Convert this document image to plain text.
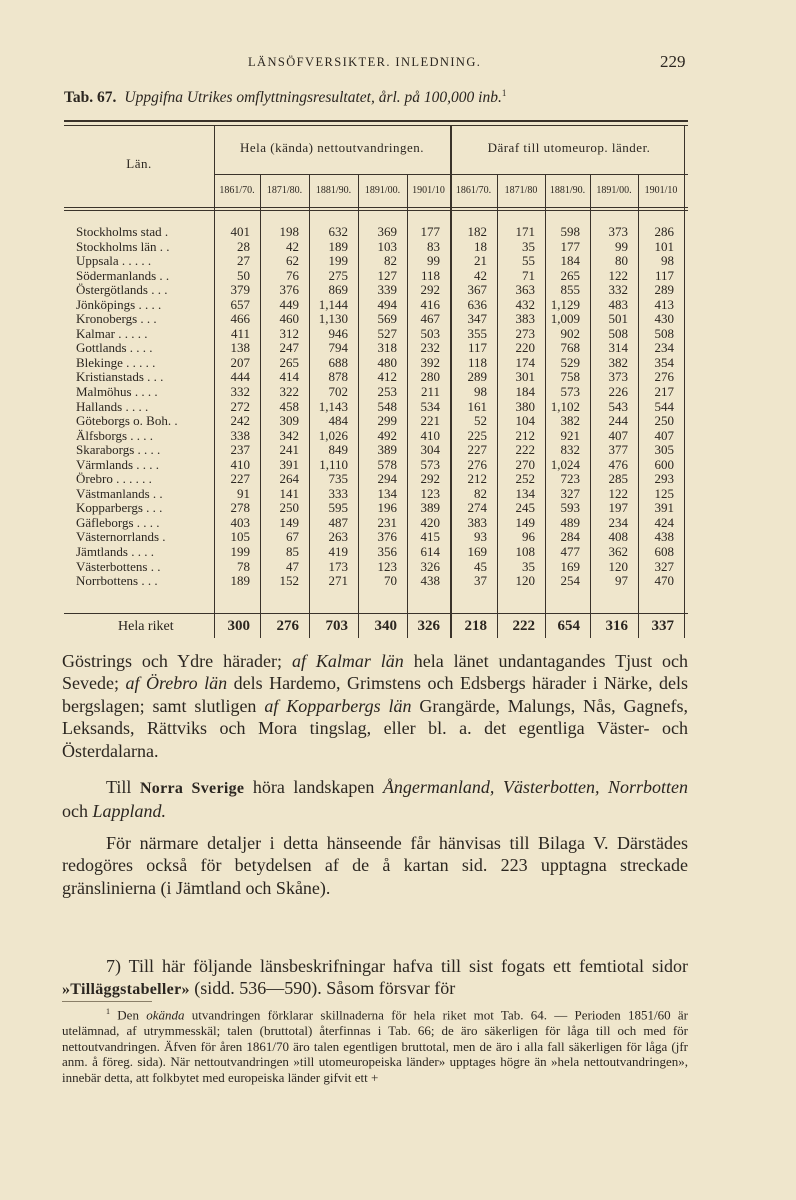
LÄNSÖFVERSIKTER. INLEDNING.	229
Tab. 67. Uppgifna Utrikes omflyttningsresultatet, årl. på 100,000 inb.$^1$
Län.
Hela (kända) nettoutvandringen.	Däraf till utomeurop. länder.
1861/70.	1871/80.	1881/90.	1891/00.	1901/10	1861/70.	1871/80	1881/90.	1891/00.	1901/10
Stockholms stad .	401	198	632	369	177	182	171	598	373	286
Stockholms län . .	28	42	189	103	83	18	35	177	99	101
Uppsala . . . . .	27	62	199	82	99	21	55	184	80	98
Södermanlands . .	50	76	275	127	118	42	71	265	122	117
Östergötlands . . .	379	376	869	339	292	367	363	855	332	289
Jönköpings . . . .	657	449	1,144	494	416	636	432	1,129	483	413
Kronobergs . . .	466	460	1,130	569	467	347	383	1,009	501	430
Kalmar . . . . .	411	312	946	527	503	355	273	902	508	508
Gottlands . . . .	138	247	794	318	232	117	220	768	314	234
Blekinge . . . . .	207	265	688	480	392	118	174	529	382	354
Kristianstads . . .	444	414	878	412	280	289	301	758	373	276
Malmöhus . . . .	332	322	702	253	211	98	184	573	226	217
Hallands . . . .	272	458	1,143	548	534	161	380	1,102	543	544
Göteborgs o. Boh. .	242	309	484	299	221	52	104	382	244	250
Älfsborgs . . . .	338	342	1,026	492	410	225	212	921	407	407
Skaraborgs . . . .	237	241	849	389	304	227	222	832	377	305
Värmlands . . . .	410	391	1,110	578	573	276	270	1,024	476	600
Örebro . . . . . .	227	264	735	294	292	212	252	723	285	293
Västmanlands . .	91	141	333	134	123	82	134	327	122	125
Kopparbergs . . .	278	250	595	196	389	274	245	593	197	391
Gäfleborgs . . . .	403	149	487	231	420	383	149	489	234	424
Västernorrlands .	105	67	263	376	415	93	96	284	408	438
Jämtlands . . . .	199	85	419	356	614	169	108	477	362	608
Västerbottens . .	78	47	173	123	326	45	35	169	120	327
Norrbottens . . .	189	152	271	70	438	37	120	254	97	470
Hela riket	300	276	703	340	326	218	222	654	316	337

Göstrings och Ydre härader; af Kalmar län hela länet undantagandes Tjust och Sevede; af Örebro län dels Hardemo, Grimstens och Edsbergs härader i Närke, dels bergslagen; samt slutligen af Kopparbergs län Grangärde, Malungs, Nås, Gagnefs, Leksands, Rättviks och Mora tingslag, eller bl. a. det egentliga Väster- och Österdalarna.

Till Norra Sverige höra landskapen Ångermanland, Västerbotten, Norrbotten och Lappland.

För närmare detaljer i detta hänseende får hänvisas till Bilaga V. Därstädes redogöres också för betydelsen af de å kartan sid. 223 upptagna streckade gränslinierna (i Jämtland och Skåne).

7) Till här följande länsbeskrifningar hafva till sist fogats ett femtiotal sidor »Tilläggstabeller» (sidd. 536—590). Såsom försvar för

$^1$ Den okända utvandringen förklarar skillnaderna för hela riket mot Tab. 64. — Perioden 1851/60 är utelämnad, af utrymmesskäl; talen (bruttotal) återfinnas i Tab. 66; de äro säkerligen för låga till och med för nettoutvandringen. Äfven för åren 1861/70 äro talen egentligen bruttotal, men de äro i alla fall säkerligen för låga (jfr anm. å föreg. sida). När nettoutvandringen »till utomeuropeiska länder» upptages högre än »hela nettoutvandringen», innebär detta, att folkbytet med europeiska länder gifvit ett +
